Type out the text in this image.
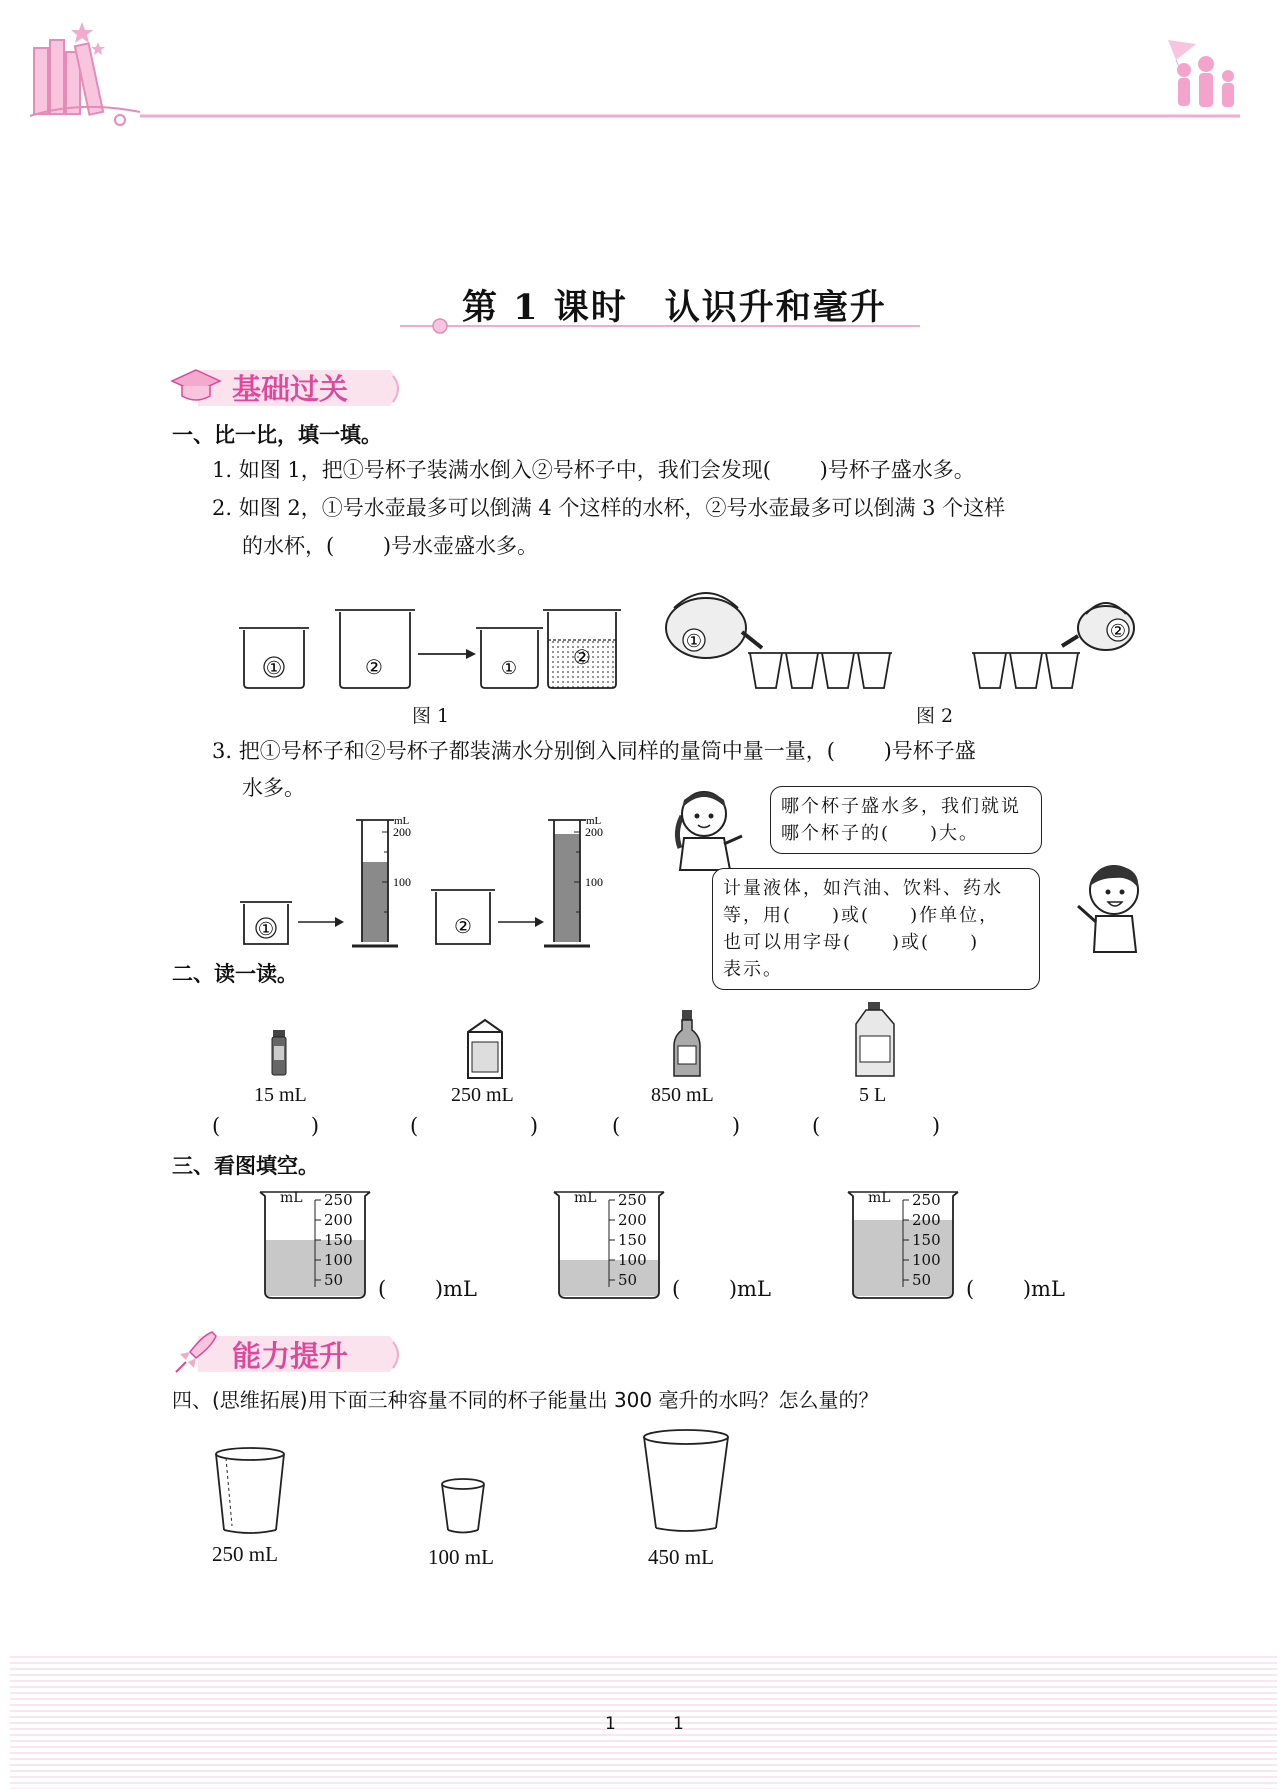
第 1 课时　认识升和毫升
基础过关
一、比一比，填一填。
1. 如图 1，把①号杯子装满水倒入②号杯子中，我们会发现(　　 )号杯子盛水多。
2. 如图 2，①号水壶最多可以倒满 4 个这样的水杯，②号水壶最多可以倒满 3 个这样
的水杯，(　　 )号水壶盛水多。
①	②	①	②
图 1
①	②
图 2
3. 把①号杯子和②号杯子都装满水分别倒入同样的量筒中量一量，(　　 )号杯子盛
水多。
①
mL
200
100
②
mL
200
100
哪个杯子盛水多，我们就说
哪个杯子的(　　)大。
计量液体，如汽油、饮料、药水
等，用(　　)或(　　)作单位，
也可以用字母(　　)或(　　)
表示。
二、读一读。
15 mL	250 mL	850 mL	5 L
(　　　　 )	(　　　　　 )	(　　　　　 )	(　　　　　 )
三、看图填空。
mL 250
200
150
100
50 (　　 )mL
mL 250
200
150
100
50 (　　 )mL
mL 250
200
150
100
50 (　　 )mL
能力提升
四、(思维拓展)用下面三种容量不同的杯子能量出 300 毫升的水吗？怎么量的？
250 mL	100 mL	450 mL
1	1
